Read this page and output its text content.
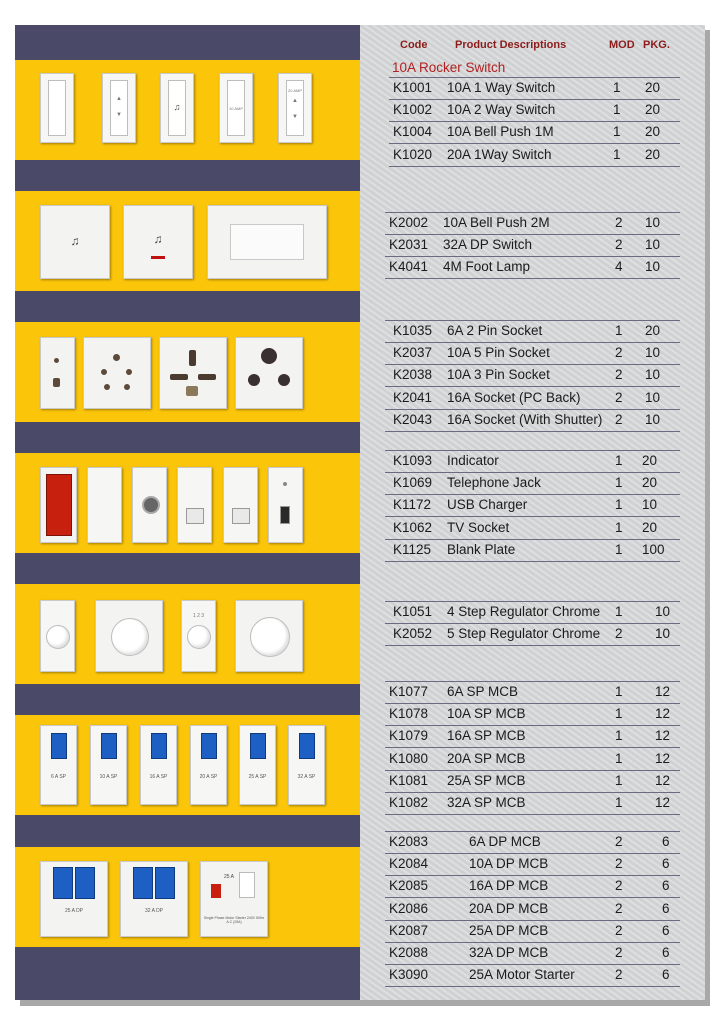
▲
▼
♫	10 AMP
20 AMP
▲
▼
♫	♫
1 2 3
6 A SP	10 A SP	16 A SP	20 A SP	25 A SP	32 A SP
25 A DP	32 A DP
25 A
Single Phase Motor Starter 240V 50Hz A.C (25A)
Code	Product Descriptions	MOD PKG.
10A Rocker Switch
K1001 10A 1 Way Switch	1 20
K1002 10A 2 Way Switch	1 20
K1004 10A Bell Push 1M	1 20
K1020 20A 1Way Switch	1 20
K2002 10A Bell Push 2M	2 10
K2031 32A DP Switch	2 10
K4041 4M Foot Lamp	4 10
K1035 6A 2 Pin Socket	1 20
K2037 10A 5 Pin Socket	2 10
K2038 10A 3 Pin Socket	2 10
K2041 16A Socket (PC Back)	2 10
K2043 16A Socket (With Shutter) 2 10
K1093 Indicator	1 20
K1069 Telephone Jack	1 20
K1172 USB Charger	1 10
K1062 TV Socket	1 20
K1125 Blank Plate	1 100
K1051 4 Step Regulator Chrome 1 10
K2052 5 Step Regulator Chrome 2 10
K1077 6A SP MCB	1 12
K1078 10A SP MCB	1 12
K1079 16A SP MCB	1 12
K1080 20A SP MCB	1 12
K1081 25A SP MCB	1 12
K1082 32A SP MCB	1 12
K2083	6A DP MCB	2	6
K2084	10A DP MCB	2	6
K2085	16A DP MCB	2	6
K2086	20A DP MCB	2	6
K2087	25A DP MCB	2	6
K2088	32A DP MCB	2	6
K3090	25A Motor Starter	2	6
